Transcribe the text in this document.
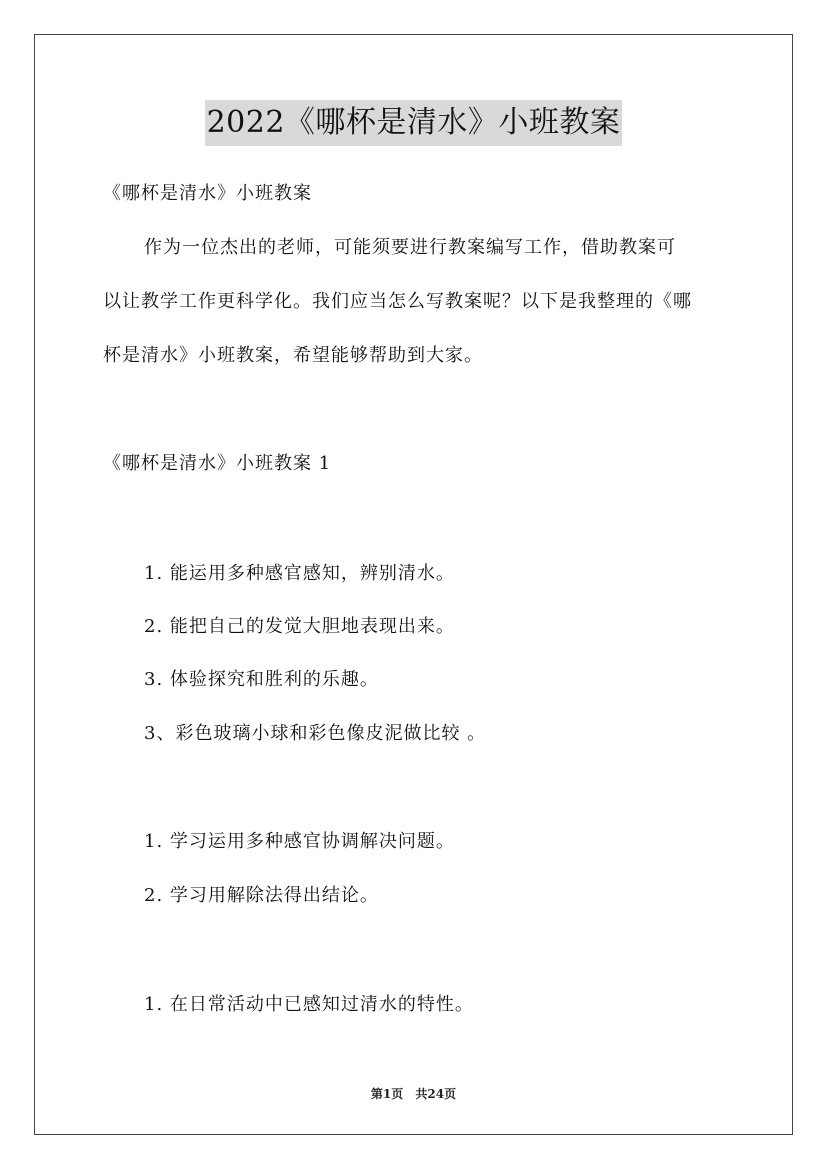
2022《哪杯是清水》小班教案
《哪杯是清水》小班教案
作为一位杰出的老师，可能须要进行教案编写工作，借助教案可
以让教学工作更科学化。我们应当怎么写教案呢？以下是我整理的《哪
杯是清水》小班教案，希望能够帮助到大家。
《哪杯是清水》小班教案 1
1. 能运用多种感官感知，辨别清水。
2. 能把自己的发觉大胆地表现出来。
3. 体验探究和胜利的乐趣。
3、彩色玻璃小球和彩色像皮泥做比较 。
1. 学习运用多种感官协调解决问题。
2. 学习用解除法得出结论。
1. 在日常活动中已感知过清水的特性。
第1页 共24页
